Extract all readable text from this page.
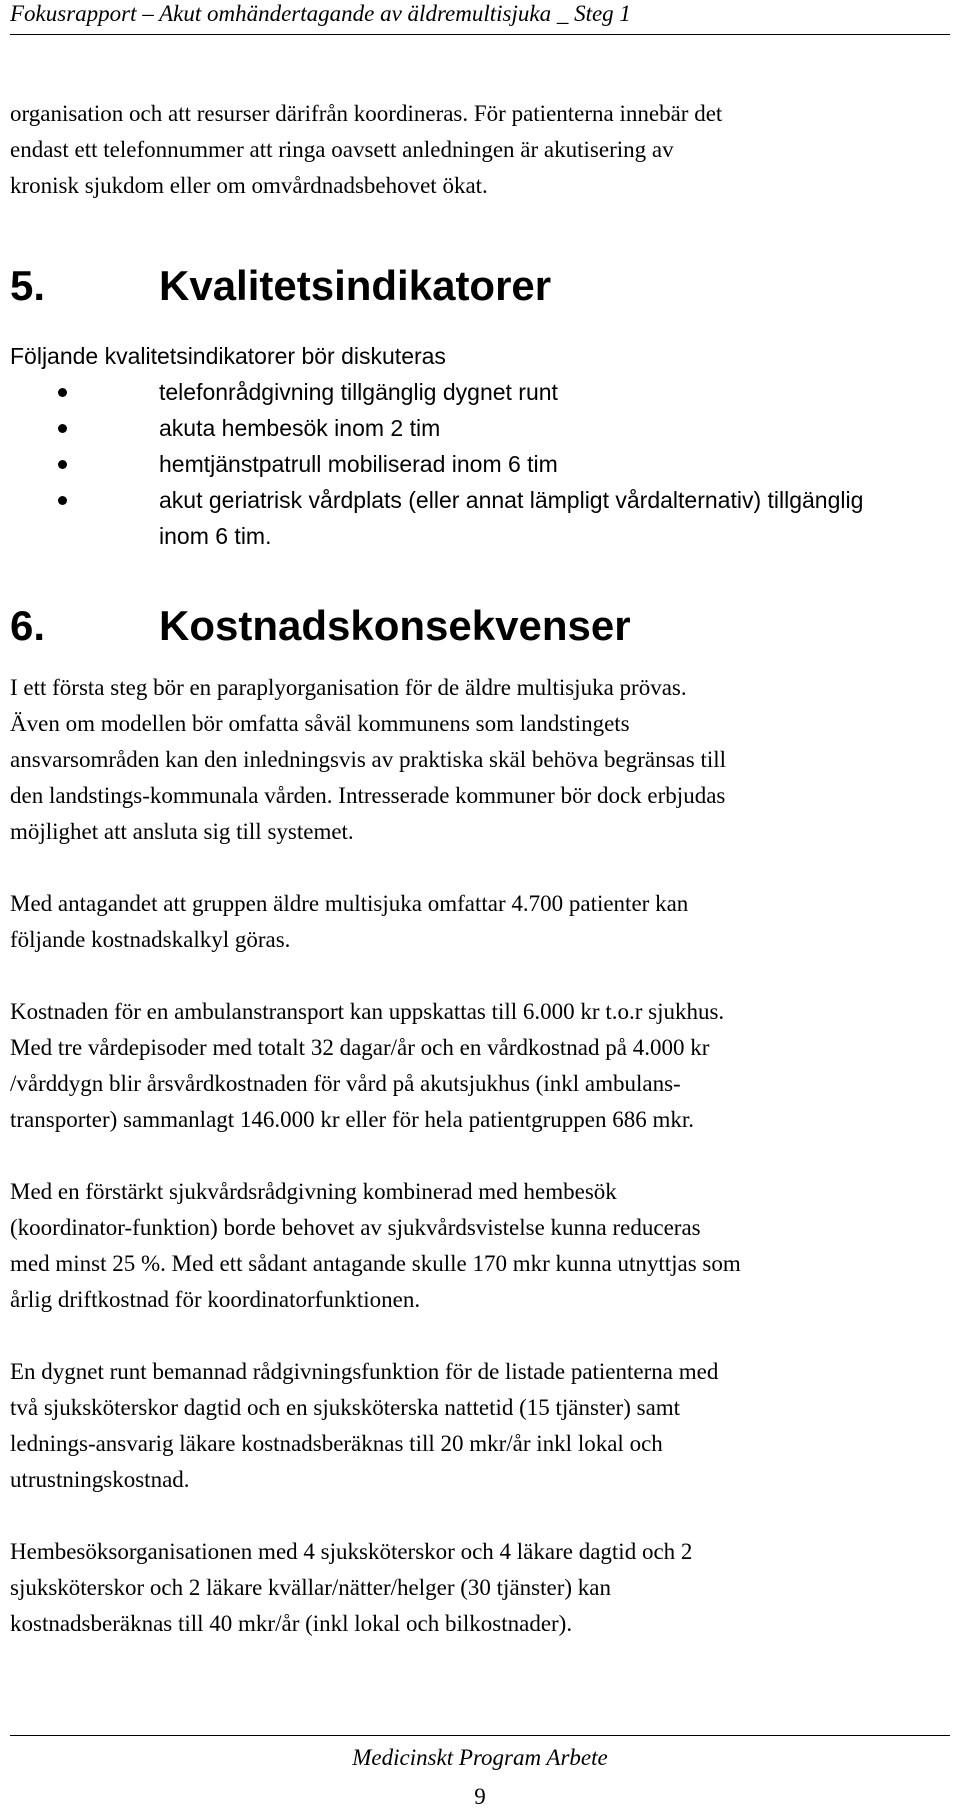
Fokusrapport – Akut omhändertagande av äldremultisjuka _ Steg 1

organisation och att resurser därifrån koordineras. För patienterna innebär det
endast ett telefonnummer att ringa oavsett anledningen är akutisering av
kronisk sjukdom eller om omvårdnadsbehovet ökat.

5.	Kvalitetsindikatorer

Följande kvalitetsindikatorer bör diskuteras

telefonrådgivning tillgänglig dygnet runt
akuta hembesök inom 2 tim
hemtjänstpatrull mobiliserad inom 6 tim
akut geriatrisk vårdplats (eller annat lämpligt vårdalternativ) tillgänglig
inom 6 tim.
6.	Kostnadskonsekvenser

I ett första steg bör en paraplyorganisation för de äldre multisjuka prövas.
Även om modellen bör omfatta såväl kommunens som landstingets
ansvarsområden kan den inledningsvis av praktiska skäl behöva begränsas till
den landstings-kommunala vården. Intresserade kommuner bör dock erbjudas
möjlighet att ansluta sig till systemet.

Med antagandet att gruppen äldre multisjuka omfattar 4.700 patienter kan
följande kostnadskalkyl göras.

Kostnaden för en ambulanstransport kan uppskattas till 6.000 kr t.o.r sjukhus.
Med tre vårdepisoder med totalt 32 dagar/år och en vårdkostnad på 4.000 kr
/vårddygn blir årsvårdkostnaden för vård på akutsjukhus (inkl ambulans-
transporter) sammanlagt 146.000 kr eller för hela patientgruppen 686 mkr.

Med en förstärkt sjukvårdsrådgivning kombinerad med hembesök
(koordinator-funktion) borde behovet av sjukvårdsvistelse kunna reduceras
med minst 25 %. Med ett sådant antagande skulle 170 mkr kunna utnyttjas som
årlig driftkostnad för koordinatorfunktionen.

En dygnet runt bemannad rådgivningsfunktion för de listade patienterna med
två sjuksköterskor dagtid och en sjuksköterska nattetid (15 tjänster) samt
lednings-ansvarig läkare kostnadsberäknas till 20 mkr/år inkl lokal och
utrustningskostnad.

Hembesöksorganisationen med 4 sjuksköterskor och 4 läkare dagtid och 2
sjuksköterskor och 2 läkare kvällar/nätter/helger (30 tjänster) kan
kostnadsberäknas till 40 mkr/år (inkl lokal och bilkostnader).

Medicinskt Program Arbete
9
